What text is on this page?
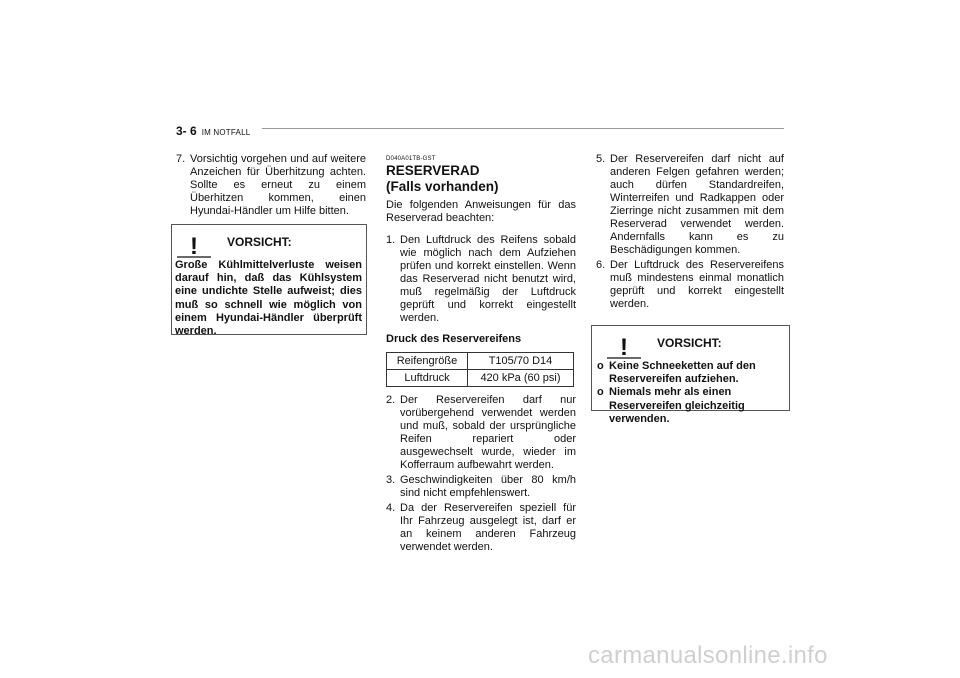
3- 6 IM NOTFALL
7. Vorsichtig vorgehen und auf weitere Anzeichen für Überhitzung achten. Sollte es erneut zu einem Überhitzen kommen, einen Hyundai-Händler um Hilfe bitten.
! VORSICHT:
Große Kühlmittelverluste weisen darauf hin, daß das Kühlsystem eine undichte Stelle aufweist; dies muß so schnell wie möglich von einem Hyundai-Händler überprüft werden.
D040A01TB-GST
RESERVERAD
(Falls vorhanden)
Die folgenden Anweisungen für das Reserverad beachten:
1. Den Luftdruck des Reifens sobald wie möglich nach dem Aufziehen prüfen und korrekt einstellen. Wenn das Reserverad nicht benutzt wird, muß regelmäßig der Luftdruck geprüft und korrekt eingestellt werden.
Druck des Reservereifens
Reifengröße	T105/70 D14
Luftdruck	420 kPa (60 psi)
2. Der Reservereifen darf nur vorübergehend verwendet werden und muß, sobald der ursprüngliche Reifen repariert oder ausgewechselt wurde, wieder im Kofferraum aufbewahrt werden.
3. Geschwindigkeiten über 80 km/h sind nicht empfehlenswert.
4. Da der Reservereifen speziell für Ihr Fahrzeug ausgelegt ist, darf er an keinem anderen Fahrzeug verwendet werden.
5. Der Reservereifen darf nicht auf anderen Felgen gefahren werden; auch dürfen Standardreifen, Winterreifen und Radkappen oder Zierringe nicht zusammen mit dem Reserverad verwendet werden. Andernfalls kann es zu Beschädigungen kommen.
6. Der Luftdruck des Reservereifens muß mindestens einmal monatlich geprüft und korrekt eingestellt werden.
! VORSICHT:
o Keine Schneeketten auf den Reservereifen aufziehen.
o Niemals mehr als einen Reservereifen gleichzeitig verwenden.
carmanualsonline.info
